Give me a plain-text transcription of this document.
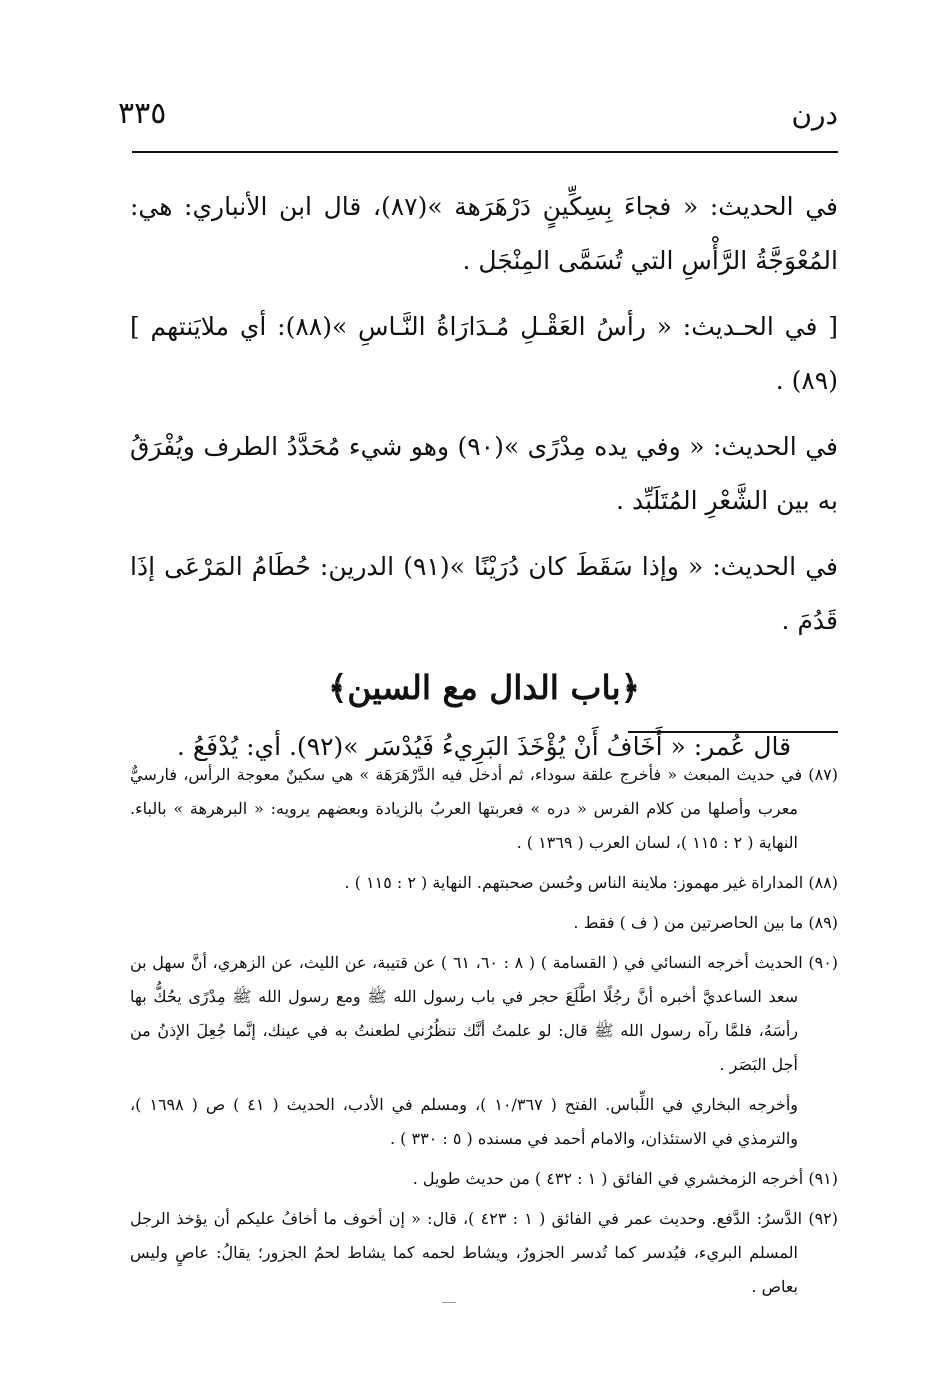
٣٣٥	درن

في الحديث: « فجاءَ بِسِكِّينٍ دَرْهَرَهة »(٨٧)، قال ابن الأنباري: هي: المُعْوَجَّةُ الرَّأْسِ التي تُسَمَّى المِنْجَل .

[ في الحـديث: « رأسُ العَقْـلِ مُـدَارَاةُ النَّـاسِ »(٨٨): أي ملايَنتهم ](٨٩) .

في الحديث: « وفي يده مِدْرًى »(٩٠) وهو شيء مُحَدَّدُ الطرف ويُفْرَقُ به بين الشَّعْرِ المُتَلَبِّد .

في الحديث: « وإذا سَقَطَ كان دُرَيْنًا »(٩١) الدرين: حُطَامُ المَرْعَى إذَا قَدُمَ .

﴿باب الدال مع السين﴾

قال عُمر: « أَخَافُ أَنْ يُؤْخَذَ البَرِيءُ فَيُدْسَر »(٩٢). أي: يُدْفَعُ .

(٨٧) في حديث المبعث « فأخرج علقة سوداء، ثم أدخل فيه الدَّرْهَرَهَة » هي سكينٌ معوجة الرأس، فارسيٌّ معرب وأصلها من كلام الفرس « دره » فعربتها العربُ بالزيادة وبعضهم يرويه: « البرهرهة » بالباء. النهاية ( ٢ : ١١٥ )، لسان العرب ( ١٣٦٩ ) .
(٨٨) المداراة غير مهموز: ملاينة الناس وحُسن صحبتهم. النهاية ( ٢ : ١١٥ ) .
(٨٩) ما بين الحاصرتين من ( ف ) فقط .
(٩٠) الحديث أخرجه النسائي في ( القسامة ) ( ٨ : ٦٠، ٦١ ) عن قتيبة، عن الليث، عن الزهري، أنَّ سهل بن سعد الساعديَّ أخبره أنَّ رجُلًا اطَّلَعَ حجر في باب رسول الله ﷺ ومع رسول الله ﷺ مِدْرًى يحُكُّ بها رأسَهُ، فلمَّا رآه رسول الله ﷺ قال: لو علمتُ أنَّك تنظُرُني لطعنتُ به في عينك، إنَّما جُعِلَ الإذنُ من أجل البَصَر .
وأخرجه البخاري في اللِّباس. الفتح ( ١٠/٣٦٧ )، ومسلم في الأدب، الحديث ( ٤١ ) ص ( ١٦٩٨ )، والترمذي في الاستئذان، والامام أحمد في مسنده ( ٥ : ٣٣٠ ) .
(٩١) أخرجه الزمخشري في الفائق ( ١ : ٤٣٢ ) من حديث طويل .
(٩٢) الدَّسرُ: الدَّفع. وحديث عمر في الفائق ( ١ : ٤٢٣ )، قال: « إن أخوف ما أخافُ عليكم أن يؤخذ الرجل المسلم البريء، فيُدسر كما تُدسر الجزورُ، ويشاط لحمه كما يشاط لحمُ الجزور؛ يقالُ: عاصٍ وليس بعاص .
